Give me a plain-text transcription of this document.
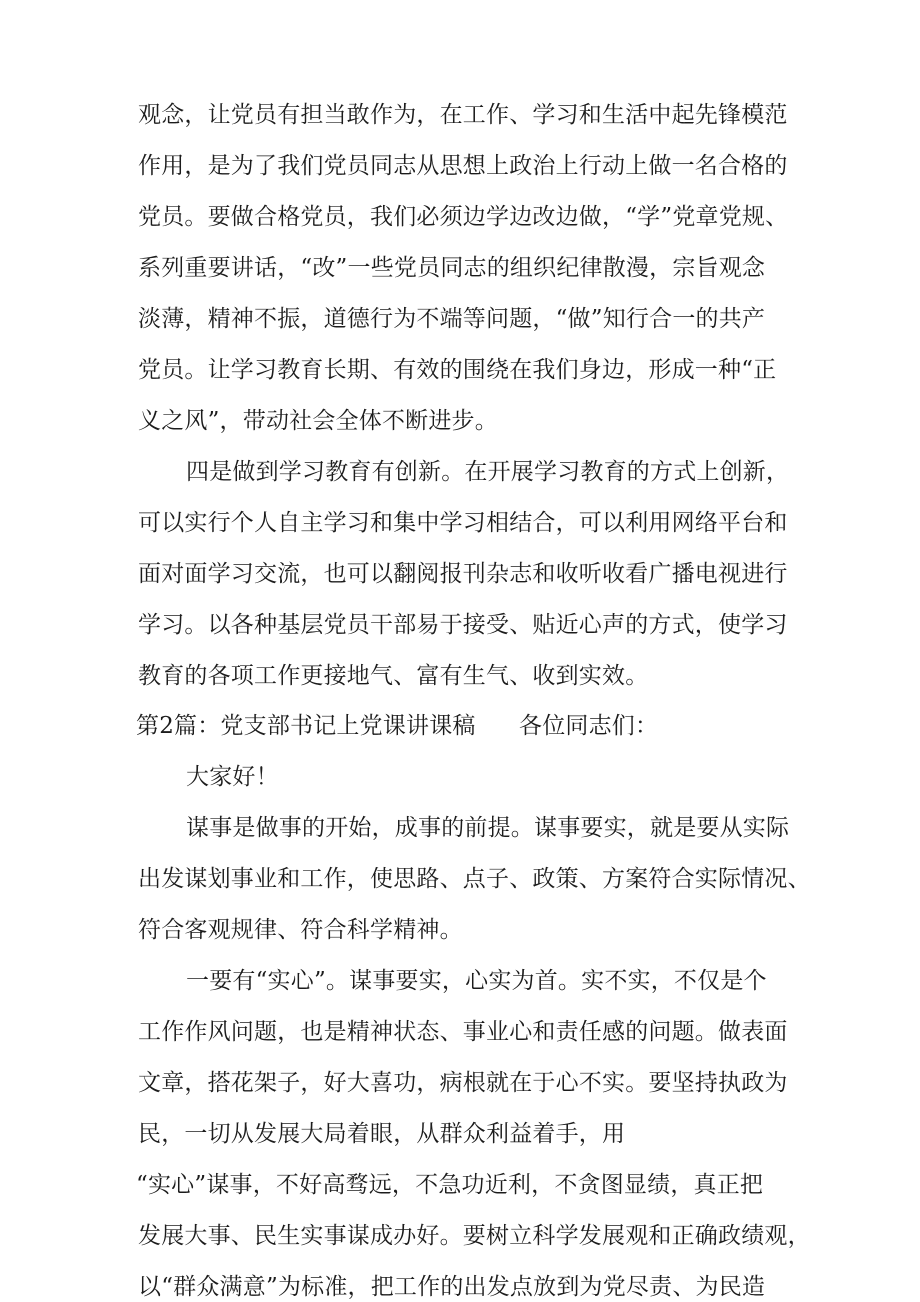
观念，让党员有担当敢作为，在工作、学习和生活中起先锋模范
作用，是为了我们党员同志从思想上政治上行动上做一名合格的
党员。要做合格党员，我们必须边学边改边做，“学”党章党规、
系列重要讲话，“改”一些党员同志的组织纪律散漫，宗旨观念
淡薄，精神不振，道德行为不端等问题，“做”知行合一的共产
党员。让学习教育长期、有效的围绕在我们身边，形成一种“正
义之风”，带动社会全体不断进步。
四是做到学习教育有创新。在开展学习教育的方式上创新，
可以实行个人自主学习和集中学习相结合，可以利用网络平台和
面对面学习交流，也可以翻阅报刊杂志和收听收看广播电视进行
学习。以各种基层党员干部易于接受、贴近心声的方式，使学习
教育的各项工作更接地气、富有生气、收到实效。
第2篇：党支部书记上党课讲课稿 各位同志们：
大家好！
谋事是做事的开始，成事的前提。谋事要实，就是要从实际
出发谋划事业和工作，使思路、点子、政策、方案符合实际情况、
符合客观规律、符合科学精神。
一要有“实心”。谋事要实，心实为首。实不实，不仅是个
工作作风问题，也是精神状态、事业心和责任感的问题。做表面
文章，搭花架子，好大喜功，病根就在于心不实。要坚持执政为
民，一切从发展大局着眼，从群众利益着手，用
“实心”谋事，不好高骛远，不急功近利，不贪图显绩，真正把
发展大事、民生实事谋成办好。要树立科学发展观和正确政绩观，
以“群众满意”为标准，把工作的出发点放到为党尽责、为民造
